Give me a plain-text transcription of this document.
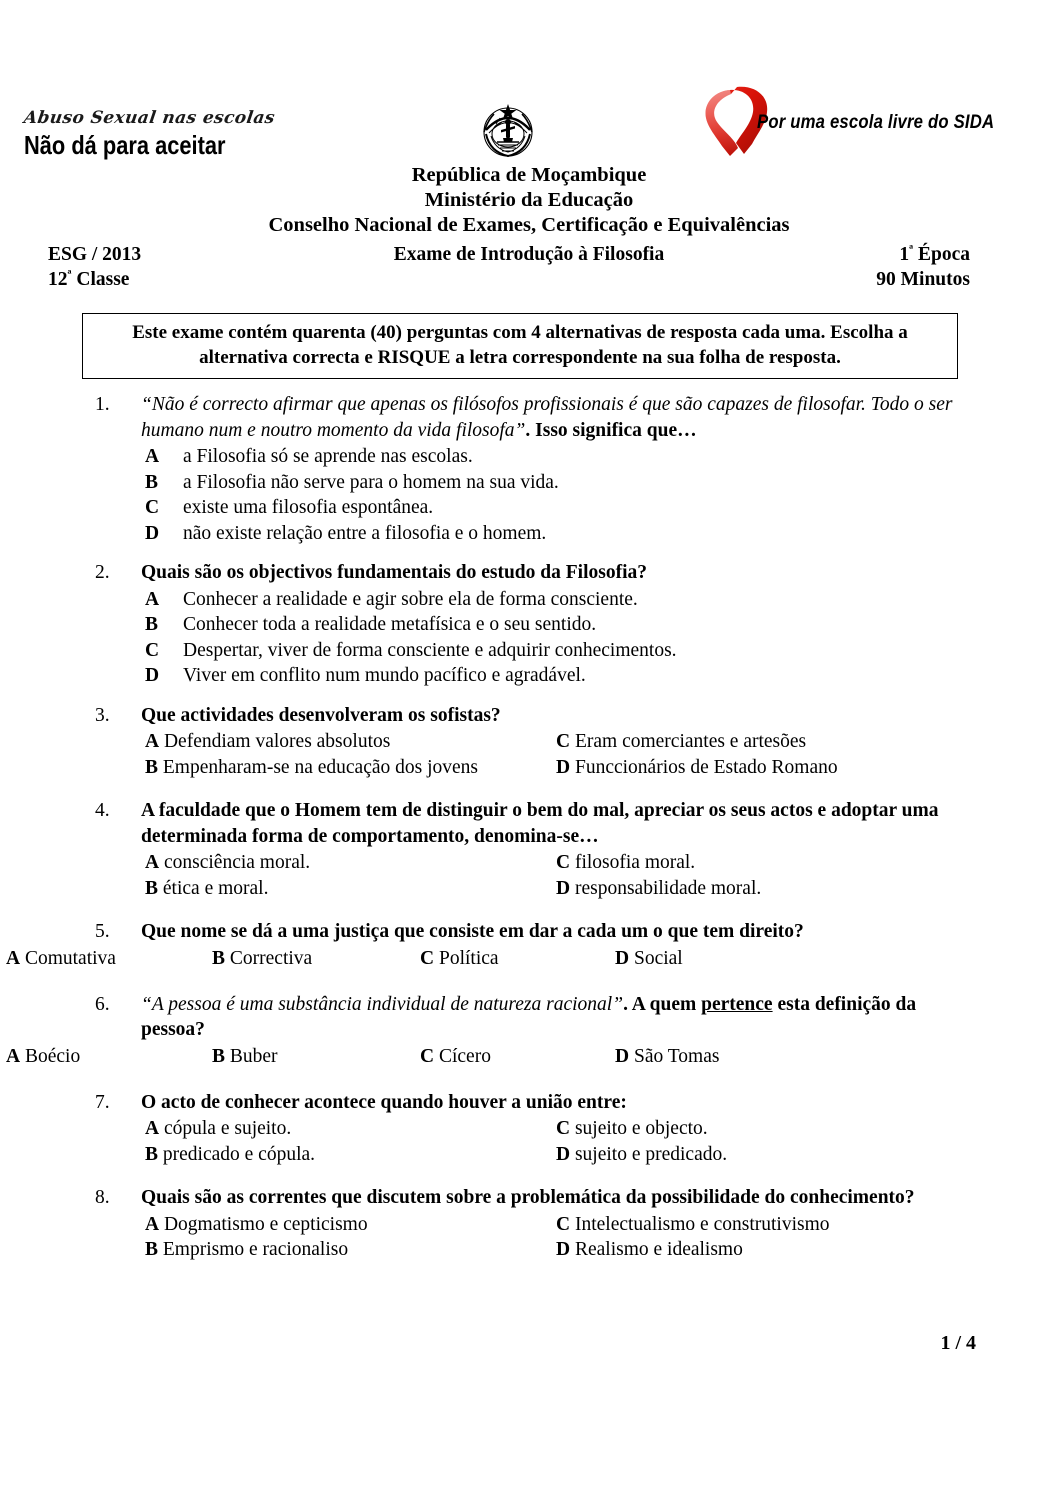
Abuso Sexual nas escolas
Não dá para aceitar
Por uma escola livre do SIDA
República de Moçambique
Ministério da Educação
Conselho Nacional de Exames, Certificação e Equivalências
Exame de Introdução à Filosofia
ESG / 2013
$12^ª$ Classe
$1^ª$ Época
90 Minutos
Este exame contém quarenta (40) perguntas com 4 alternativas de resposta cada uma. Escolha a alternativa correcta e RISQUE a letra correspondente na sua folha de resposta.
1.	“Não é correcto afirmar que apenas os filósofos profissionais é que são capazes de filosofar. Todo o ser humano num e noutro momento da vida filosofa”. Isso significa que…
A a Filosofia só se aprende nas escolas.
B a Filosofia não serve para o homem na sua vida.
C existe uma filosofia espontânea.
D não existe relação entre a filosofia e o homem.
2.	Quais são os objectivos fundamentais do estudo da Filosofia?
A Conhecer a realidade e agir sobre ela de forma consciente.
B Conhecer toda a realidade metafísica e o seu sentido.
C Despertar, viver de forma consciente e adquirir conhecimentos.
D Viver em conflito num mundo pacífico e agradável.
3.	Que actividades desenvolveram os sofistas?
A Defendiam valores absolutos	C Eram comerciantes e artesões
B Empenharam-se na educação dos jovens	D Funccionários de Estado Romano
4.	A faculdade que o Homem tem de distinguir o bem do mal, apreciar os seus actos e adoptar uma determinada forma de comportamento, denomina-se…
A consciência moral.	C filosofia moral.
B ética e moral.	D responsabilidade moral.
5.	Que nome se dá a uma justiça que consiste em dar a cada um o que tem direito?
A Comutativa	B Correctiva	C Política	D Social
6.	“A pessoa é uma substância individual de natureza racional”. A quem pertence esta definição da pessoa?
A Boécio	B Buber	C Cícero	D São Tomas
7.	O acto de conhecer acontece quando houver a união entre:
A cópula e sujeito.	C sujeito e objecto.
B predicado e cópula.	D sujeito e predicado.
8.	Quais são as correntes que discutem sobre a problemática da possibilidade do conhecimento?
A Dogmatismo e cepticismo	C Intelectualismo e construtivismo
B Emprismo e racionaliso	D Realismo e idealismo
1 / 4
